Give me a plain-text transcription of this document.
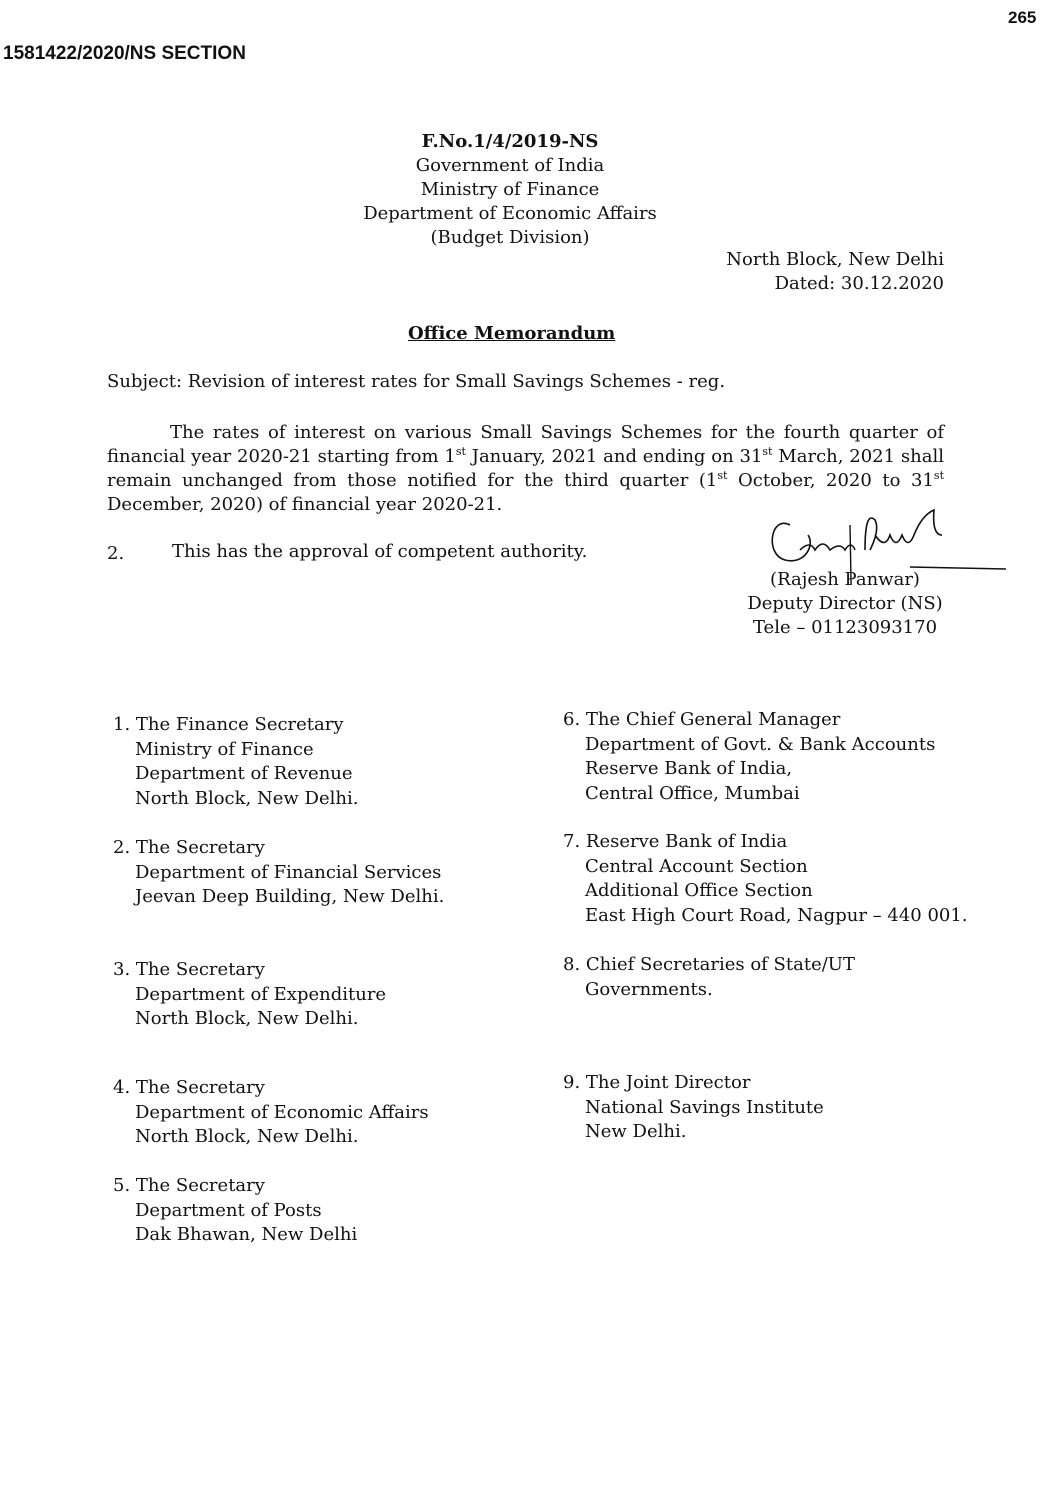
1581422/2020/NS SECTION
265
F.No.1/4/2019-NS
Government of India
Ministry of Finance
Department of Economic Affairs
(Budget Division)
North Block, New Delhi
Dated: 30.12.2020
Office Memorandum
Subject: Revision of interest rates for Small Savings Schemes - reg.
The rates of interest on various Small Savings Schemes for the fourth quarter of financial year 2020-21 starting from 1st January, 2021 and ending on 31st March, 2021 shall remain unchanged from those notified for the third quarter (1st October, 2020 to 31st December, 2020) of financial year 2020-21.
2.	This has the approval of competent authority.
(Rajesh Panwar)
Deputy Director (NS)
Tele – 01123093170
1. The Finance Secretary
Ministry of Finance
Department of Revenue
North Block, New Delhi.
2. The Secretary
Department of Financial Services
Jeevan Deep Building, New Delhi.
3. The Secretary
Department of Expenditure
North Block, New Delhi.
4. The Secretary
Department of Economic Affairs
North Block, New Delhi.
5. The Secretary
Department of Posts
Dak Bhawan, New Delhi
6. The Chief General Manager
Department of Govt. & Bank Accounts
Reserve Bank of India,
Central Office, Mumbai
7. Reserve Bank of India
Central Account Section
Additional Office Section
East High Court Road, Nagpur – 440 001.
8. Chief Secretaries of State/UT
Governments.
9. The Joint Director
National Savings Institute
New Delhi.
